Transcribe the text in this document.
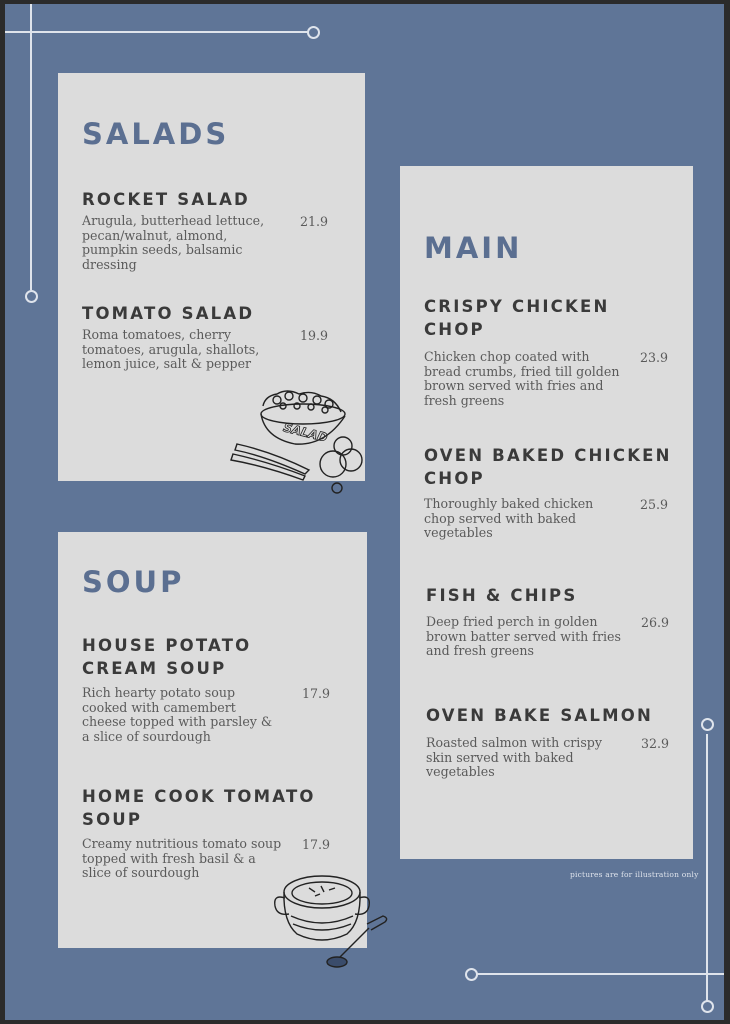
SALADS
ROCKET SALAD

Arugula, butterhead lettuce, pecan/walnut, almond, pumpkin seeds, balsamic dressing

21.9
TOMATO SALAD

Roma tomatoes, cherry tomatoes, arugula, shallots, lemon juice, salt & pepper

19.9
SALAD
SOUP
HOUSE POTATO CREAM SOUP

Rich hearty potato soup cooked with camembert cheese topped with parsley & a slice of sourdough

17.9
HOME COOK TOMATO SOUP

Creamy nutritious tomato soup topped with fresh basil & a slice of sourdough

17.9
MAIN
CRISPY CHICKEN CHOP

Chicken chop coated with bread crumbs, fried till golden brown served with fries and fresh greens

23.9
OVEN BAKED CHICKEN CHOP

Thoroughly baked chicken chop served with baked vegetables

25.9
FISH & CHIPS

Deep fried perch in golden brown batter served with fries and fresh greens

26.9
OVEN BAKE SALMON

Roasted salmon with crispy skin served with baked vegetables

32.9
pictures are for illustration only
